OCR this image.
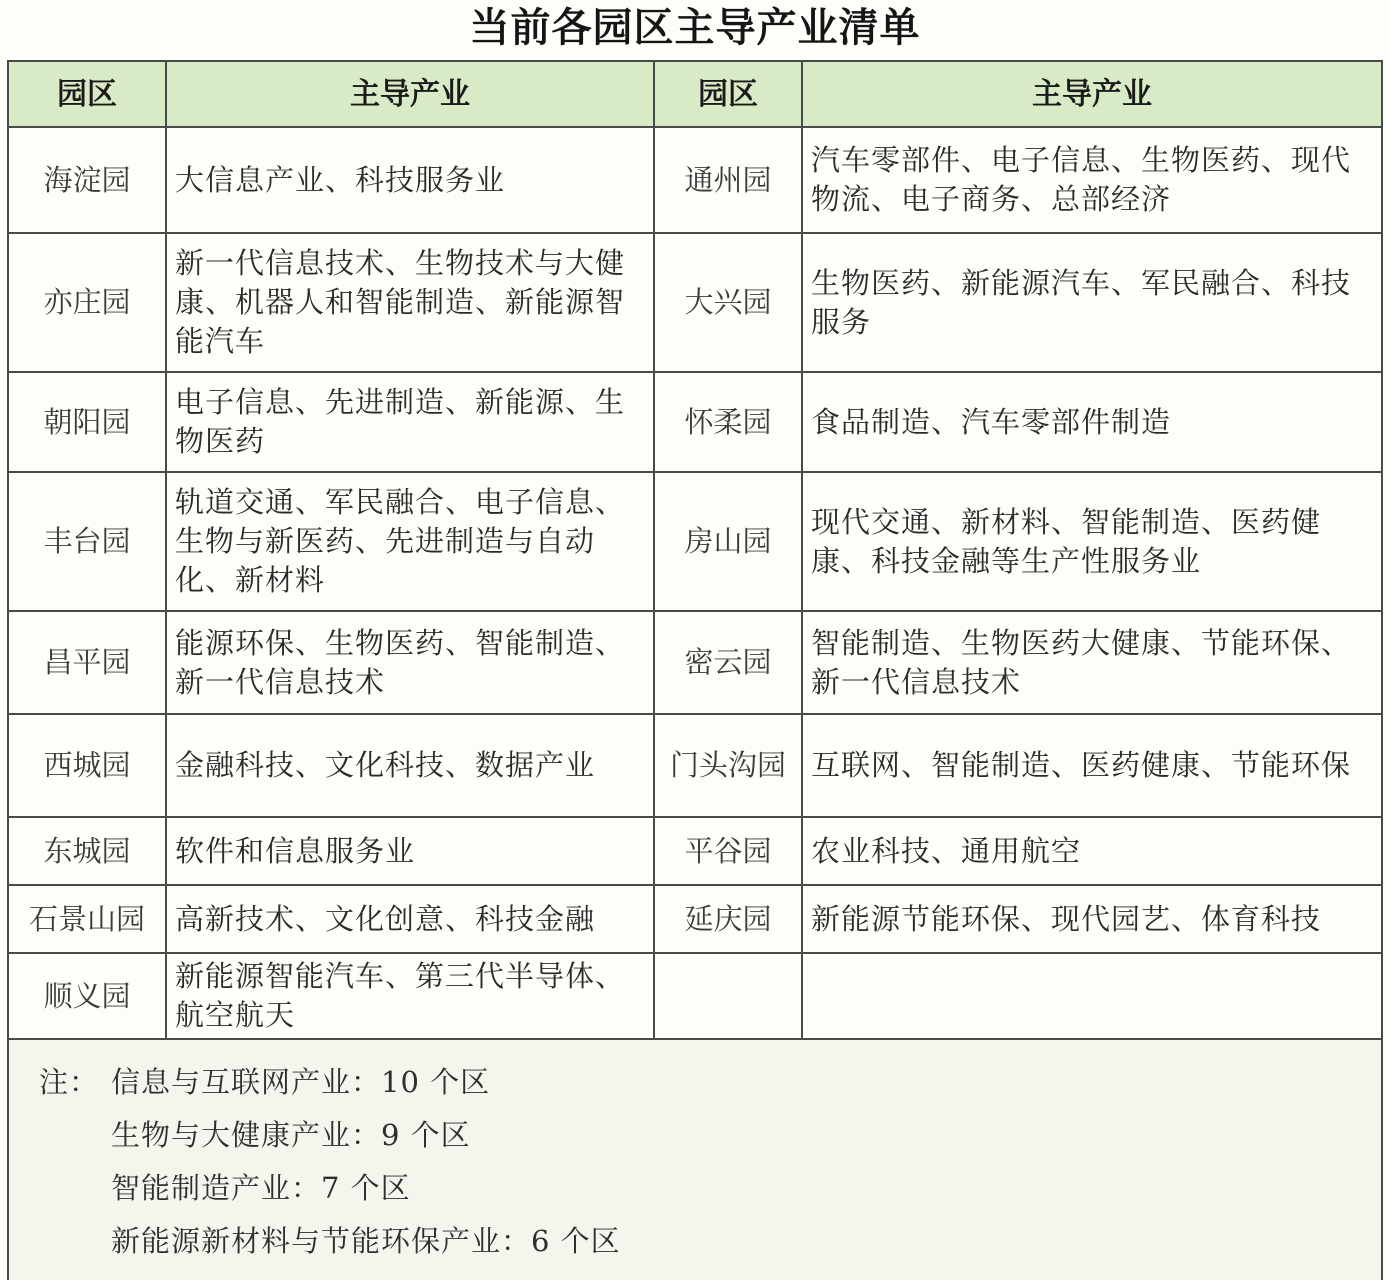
当前各园区主导产业清单
园区	主导产业	园区	主导产业
海淀园	大信息产业、科技服务业	通州园	汽车零部件、电子信息、生物医药、现代物流、电子商务、总部经济
亦庄园	新一代信息技术、生物技术与大健康、机器人和智能制造、新能源智能汽车	大兴园	生物医药、新能源汽车、军民融合、科技服务
朝阳园	电子信息、先进制造、新能源、生物医药	怀柔园	食品制造、汽车零部件制造
丰台园	轨道交通、军民融合、电子信息、生物与新医药、先进制造与自动化、新材料	房山园	现代交通、新材料、智能制造、医药健康、科技金融等生产性服务业
昌平园	能源环保、生物医药、智能制造、新一代信息技术	密云园	智能制造、生物医药大健康、节能环保、新一代信息技术
西城园	金融科技、文化科技、数据产业	门头沟园	互联网、智能制造、医药健康、节能环保
东城园	软件和信息服务业	平谷园	农业科技、通用航空
石景山园	高新技术、文化创意、科技金融	延庆园	新能源节能环保、现代园艺、体育科技
顺义园	新能源智能汽车、第三代半导体、航空航天		

注： 信息与互联网产业：10 个区
生物与大健康产业：9 个区
智能制造产业：7 个区
新能源新材料与节能环保产业：6 个区			
